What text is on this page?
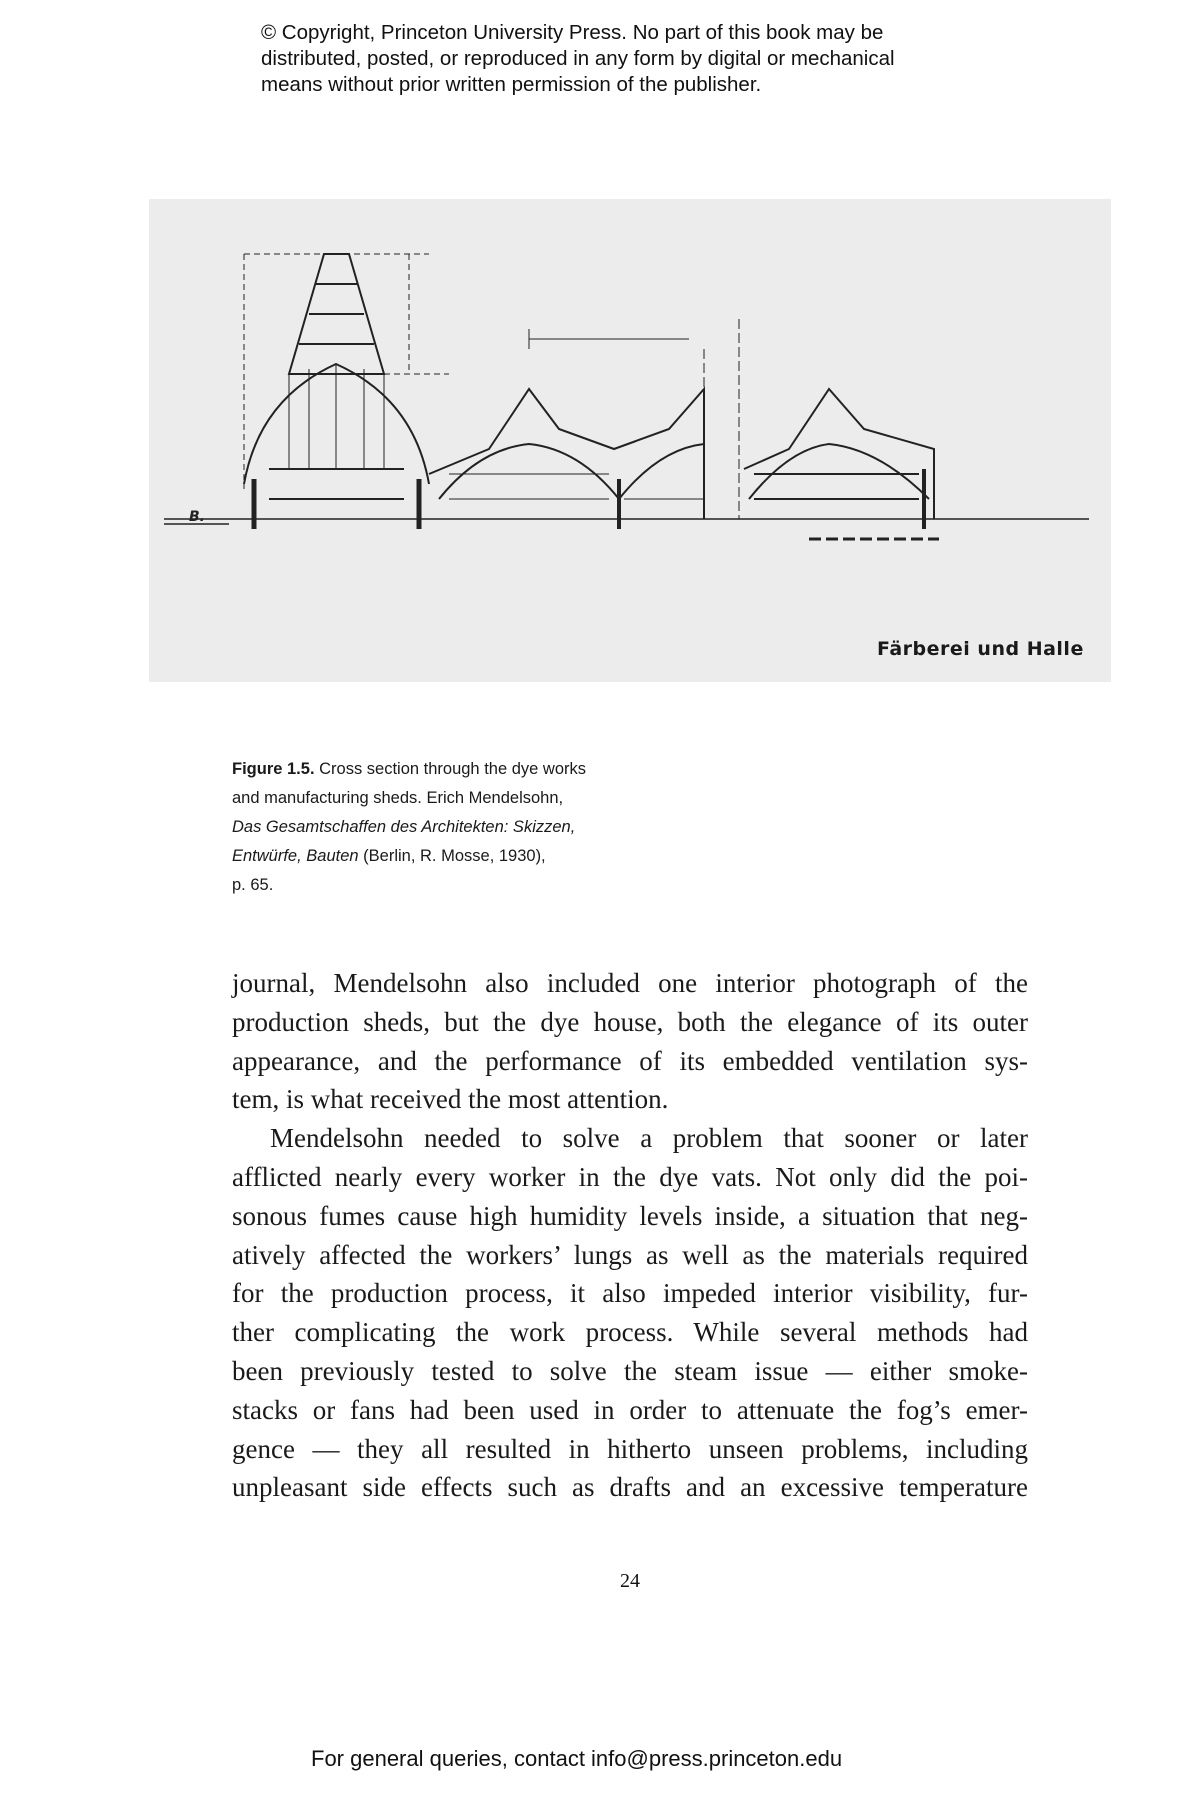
© Copyright, Princeton University Press. No part of this book may be
distributed, posted, or reproduced in any form by digital or mechanical
means without prior written permission of the publisher.
B.
Färberei und Halle
Figure 1.5. Cross section through the dye works
and manufacturing sheds. Erich Mendelsohn,
Das Gesamtschaffen des Architekten: Skizzen,
Entwürfe, Bauten (Berlin, R. Mosse, 1930),
p. 65.
journal, Mendelsohn also included one interior photograph of the
production sheds, but the dye house, both the elegance of its outer
appearance, and the performance of its embedded ventilation sys-
tem, is what received the most attention.
Mendelsohn needed to solve a problem that sooner or later
afflicted nearly every worker in the dye vats. Not only did the poi-
sonous fumes cause high humidity levels inside, a situation that neg-
atively affected the workers’ lungs as well as the materials required
for the production process, it also impeded interior visibility, fur-
ther complicating the work process. While several methods had
been previously tested to solve the steam issue — either smoke-
stacks or fans had been used in order to attenuate the fog’s emer-
gence — they all resulted in hitherto unseen problems, including
unpleasant side effects such as drafts and an excessive temperature
24
For general queries, contact info@press.princeton.edu
